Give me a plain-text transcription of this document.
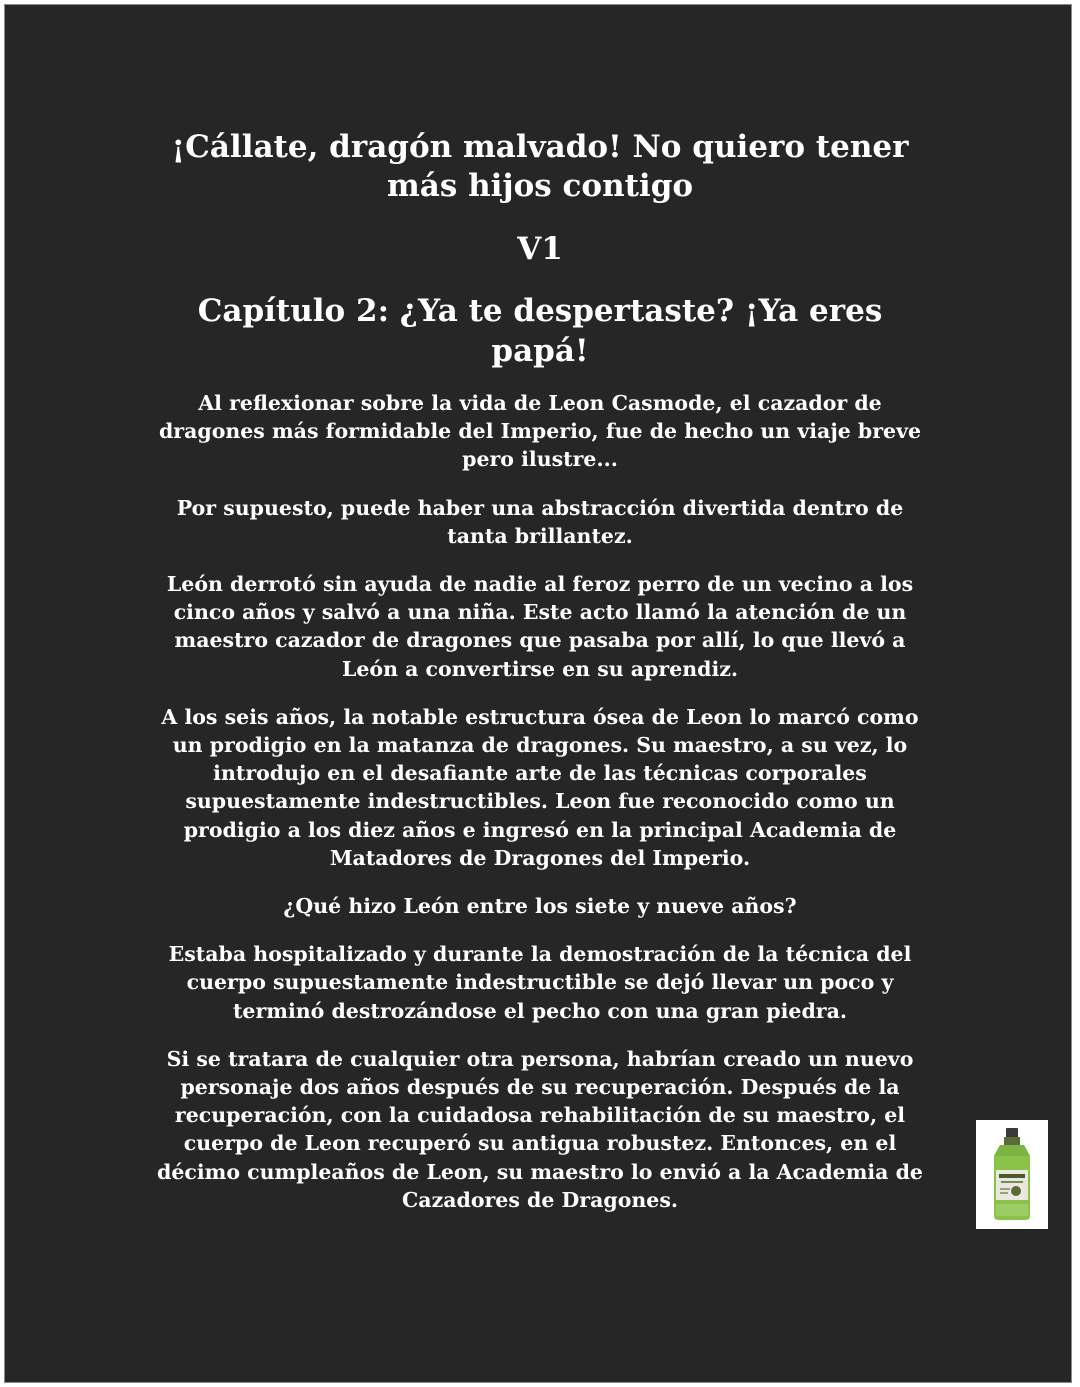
¡Cállate, dragón malvado! No quiero tener más hijos contigo

V1

Capítulo 2: ¿Ya te despertaste? ¡Ya eres papá!

Al reflexionar sobre la vida de Leon Casmode, el cazador de dragones más formidable del Imperio, fue de hecho un viaje breve pero ilustre...

Por supuesto, puede haber una abstracción divertida dentro de tanta brillantez.

León derrotó sin ayuda de nadie al feroz perro de un vecino a los cinco años y salvó a una niña. Este acto llamó la atención de un maestro cazador de dragones que pasaba por allí, lo que llevó a León a convertirse en su aprendiz.

A los seis años, la notable estructura ósea de Leon lo marcó como un prodigio en la matanza de dragones. Su maestro, a su vez, lo introdujo en el desafiante arte de las técnicas corporales supuestamente indestructibles. Leon fue reconocido como un prodigio a los diez años e ingresó en la principal Academia de Matadores de Dragones del Imperio.

¿Qué hizo León entre los siete y nueve años?

Estaba hospitalizado y durante la demostración de la técnica del cuerpo supuestamente indestructible se dejó llevar un poco y terminó destrozándose el pecho con una gran piedra.

Si se tratara de cualquier otra persona, habrían creado un nuevo personaje dos años después de su recuperación. Después de la recuperación, con la cuidadosa rehabilitación de su maestro, el cuerpo de Leon recuperó su antigua robustez. Entonces, en el décimo cumpleaños de Leon, su maestro lo envió a la Academia de Cazadores de Dragones.
